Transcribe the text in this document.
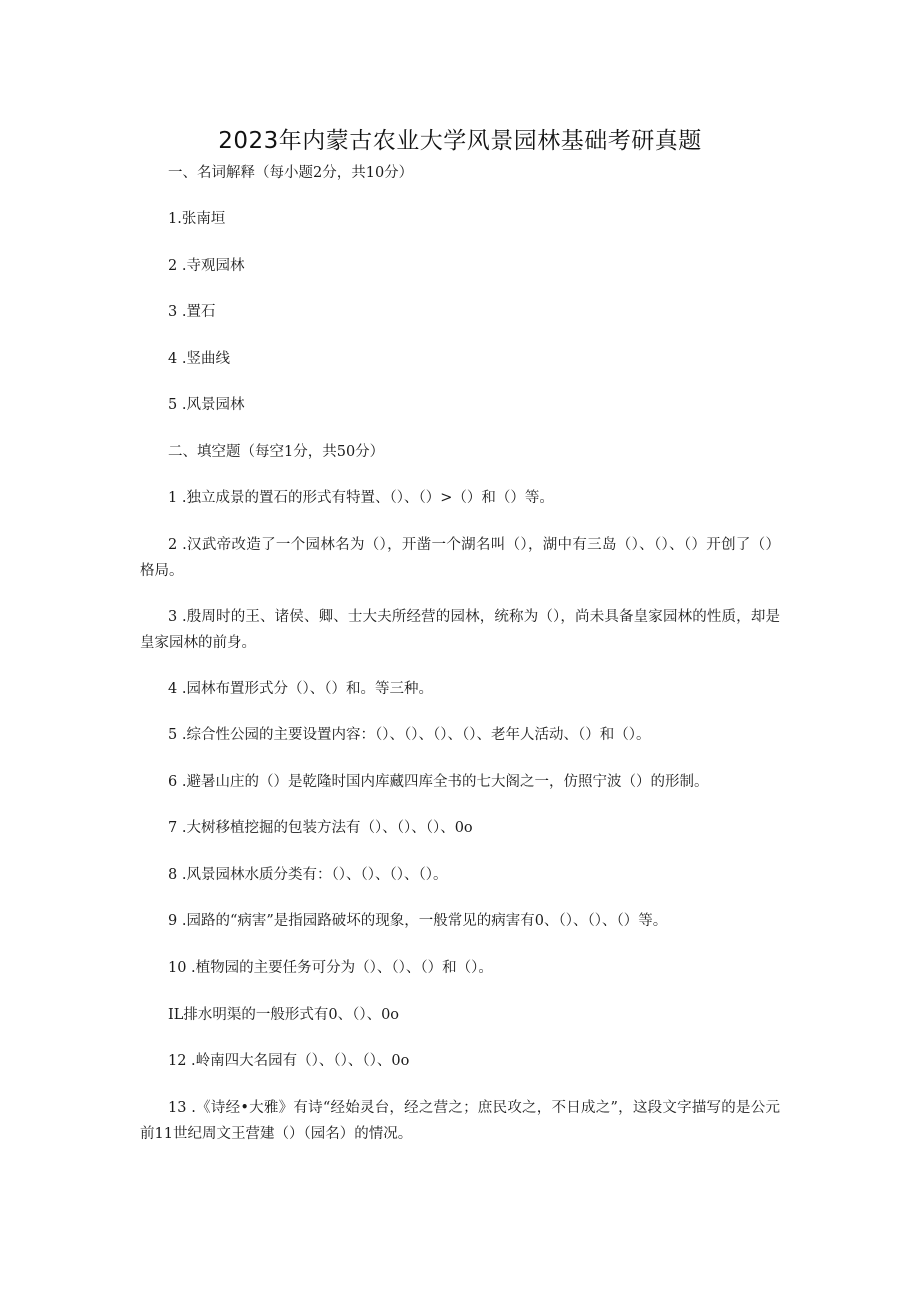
2023年内蒙古农业大学风景园林基础考研真题
一、名词解释（每小题2分，共10分）
1.张南垣
2 .寺观园林
3 .置石
4 .竖曲线
5 .风景园林
二、填空题（每空1分，共50分）
1 .独立成景的置石的形式有特置、（）、（）>（）和（）等。
2 .汉武帝改造了一个园林名为（），开凿一个湖名叫（），湖中有三岛（）、（）、（）开创了（）格局。
3 .殷周时的王、诸侯、卿、士大夫所经营的园林，统称为（），尚未具备皇家园林的性质，却是皇家园林的前身。
4 .园林布置形式分（）、（）和。等三种。
5 .综合性公园的主要设置内容：（）、（）、（）、（）、老年人活动、（）和（）。
6 .避暑山庄的（）是乾隆时国内库藏四库全书的七大阁之一，仿照宁波（）的形制。
7 .大树移植挖掘的包装方法有（）、（）、（）、0o
8 .风景园林水质分类有：（）、（）、（）、（）。
9 .园路的“病害”是指园路破坏的现象，一般常见的病害有0、（）、（）、（）等。
10 .植物园的主要任务可分为（）、（）、（）和（）。
IL排水明渠的一般形式有0、（）、0o
12 .岭南四大名园有（）、（）、（）、0o
13 .《诗经•大雅》有诗“经始灵台，经之营之；庶民攻之，不日成之”，这段文字描写的是公元前11世纪周文王营建（）（园名）的情况。
